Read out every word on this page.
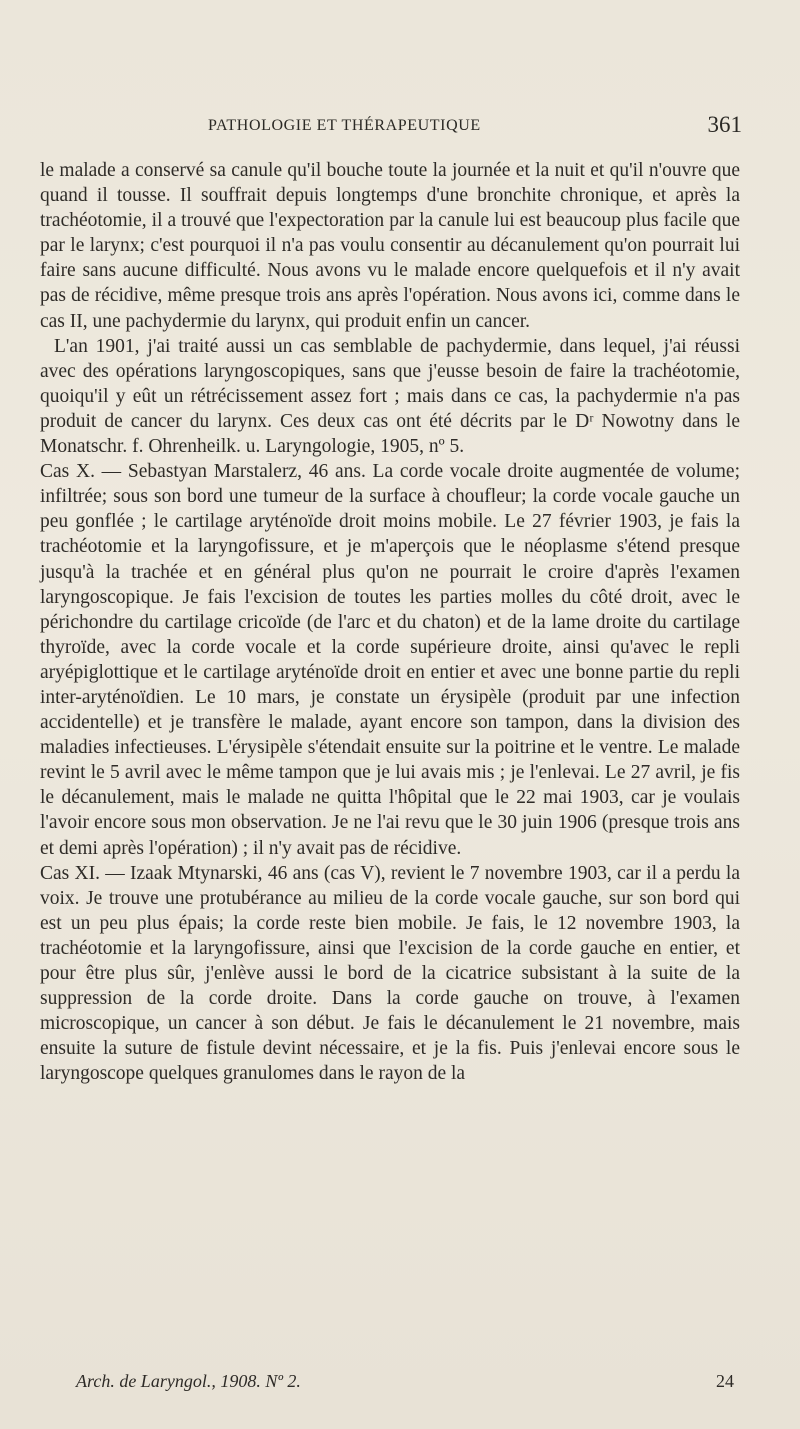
PATHOLOGIE ET THÉRAPEUTIQUE	361

le malade a conservé sa canule qu'il bouche toute la journée et la nuit et qu'il n'ouvre que quand il tousse. Il souffrait depuis longtemps d'une bronchite chronique, et après la trachéotomie, il a trouvé que l'expectoration par la canule lui est beaucoup plus facile que par le larynx; c'est pourquoi il n'a pas voulu consentir au décanulement qu'on pourrait lui faire sans aucune difficulté. Nous avons vu le malade encore quelquefois et il n'y avait pas de récidive, même presque trois ans après l'opération. Nous avons ici, comme dans le cas II, une pachydermie du larynx, qui produit enfin un cancer.

L'an 1901, j'ai traité aussi un cas semblable de pachydermie, dans lequel, j'ai réussi avec des opérations laryngoscopiques, sans que j'eusse besoin de faire la trachéotomie, quoiqu'il y eût un rétrécissement assez fort ; mais dans ce cas, la pachydermie n'a pas produit de cancer du larynx. Ces deux cas ont été décrits par le Dʳ Nowotny dans le Monatschr. f. Ohrenheilk. u. Laryngologie, 1905, nº 5.

Cas X. — Sebastyan Marstalerz, 46 ans. La corde vocale droite augmentée de volume; infiltrée; sous son bord une tumeur de la surface à choufleur; la corde vocale gauche un peu gonflée ; le cartilage aryténoïde droit moins mobile. Le 27 février 1903, je fais la trachéotomie et la laryngofissure, et je m'aperçois que le néoplasme s'étend presque jusqu'à la trachée et en général plus qu'on ne pourrait le croire d'après l'examen laryngoscopique. Je fais l'excision de toutes les parties molles du côté droit, avec le périchondre du cartilage cricoïde (de l'arc et du chaton) et de la lame droite du cartilage thyroïde, avec la corde vocale et la corde supérieure droite, ainsi qu'avec le repli aryépiglottique et le cartilage aryténoïde droit en entier et avec une bonne partie du repli inter-aryténoïdien. Le 10 mars, je constate un érysipèle (produit par une infection accidentelle) et je transfère le malade, ayant encore son tampon, dans la division des maladies infectieuses. L'érysipèle s'étendait ensuite sur la poitrine et le ventre. Le malade revint le 5 avril avec le même tampon que je lui avais mis ; je l'enlevai. Le 27 avril, je fis le décanulement, mais le malade ne quitta l'hôpital que le 22 mai 1903, car je voulais l'avoir encore sous mon observation. Je ne l'ai revu que le 30 juin 1906 (presque trois ans et demi après l'opération) ; il n'y avait pas de récidive.

Cas XI. — Izaak Mtynarski, 46 ans (cas V), revient le 7 novembre 1903, car il a perdu la voix. Je trouve une protubérance au milieu de la corde vocale gauche, sur son bord qui est un peu plus épais; la corde reste bien mobile. Je fais, le 12 novembre 1903, la trachéotomie et la laryngofissure, ainsi que l'excision de la corde gauche en entier, et pour être plus sûr, j'enlève aussi le bord de la cicatrice subsistant à la suite de la suppression de la corde droite. Dans la corde gauche on trouve, à l'examen microscopique, un cancer à son début. Je fais le décanulement le 21 novembre, mais ensuite la suture de fistule devint nécessaire, et je la fis. Puis j'enlevai encore sous le laryngoscope quelques granulomes dans le rayon de la

Arch. de Laryngol., 1908. Nº 2.	24
